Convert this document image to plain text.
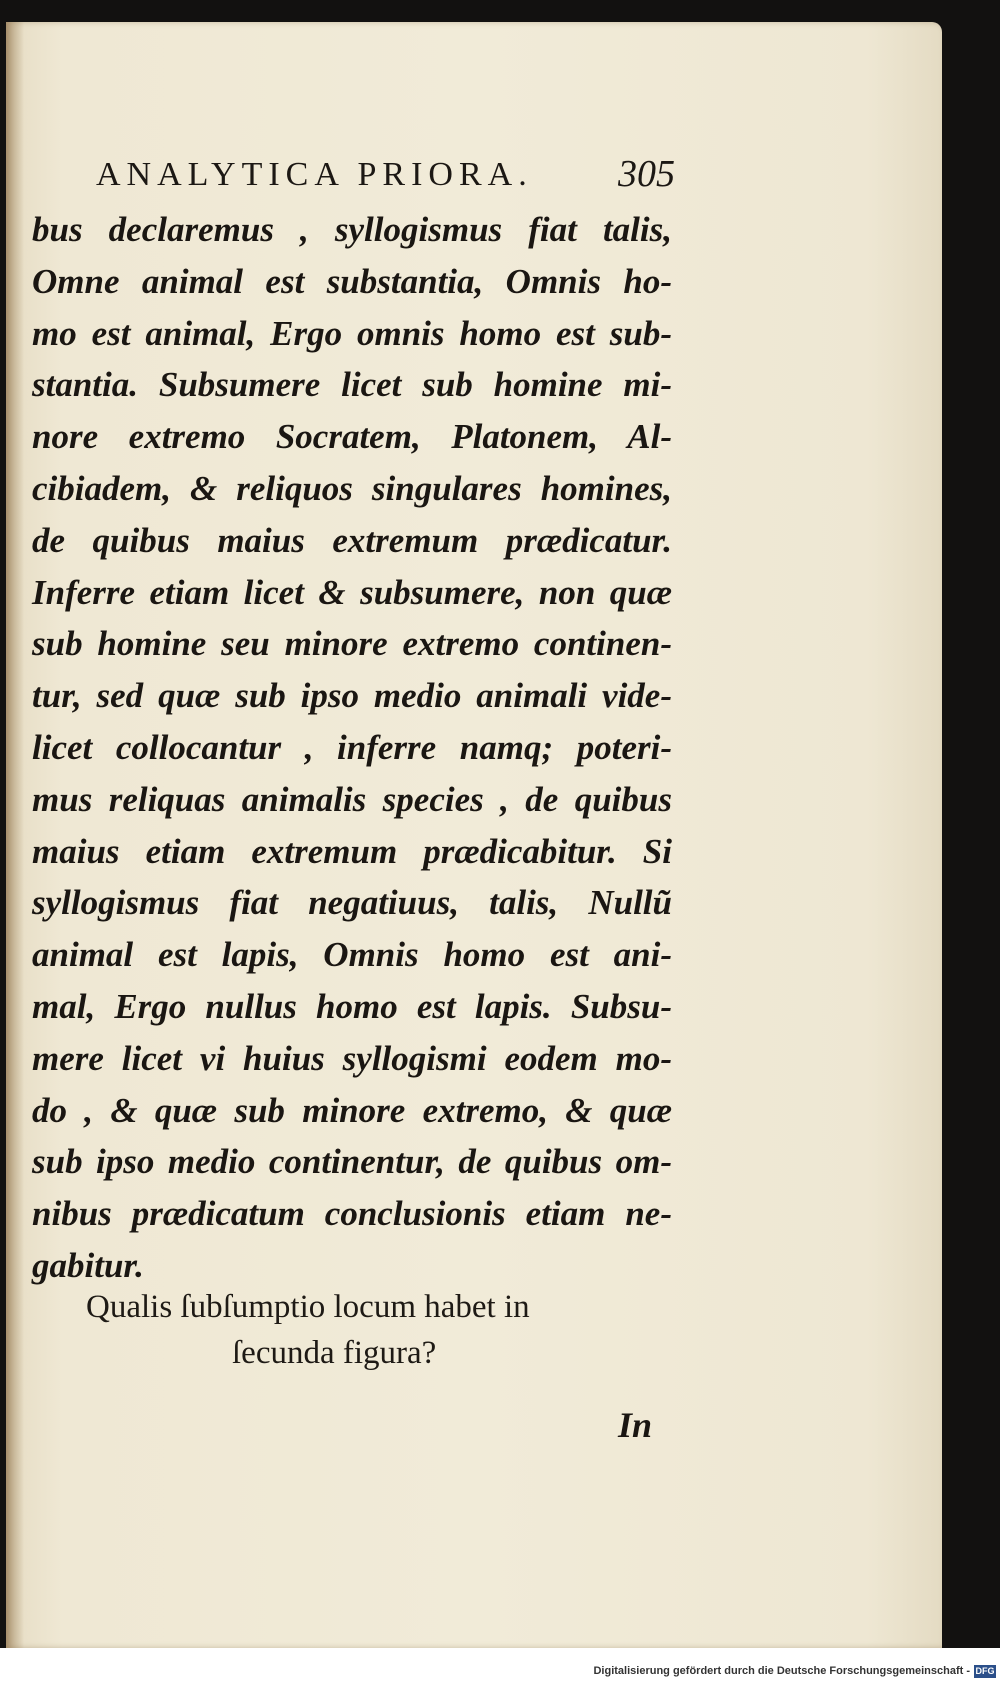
ANALYTICA PRIORA. 305
bus declaremus , syllogismus fiat talis,
Omne animal est substantia, Omnis ho-
mo est animal, Ergo omnis homo est sub-
stantia. Subsumere licet sub homine mi-
nore extremo Socratem, Platonem, Al-
cibiadem, & reliquos singulares homines,
de quibus maius extremum prædicatur.
Inferre etiam licet & subsumere, non quæ
sub homine seu minore extremo continen-
tur, sed quæ sub ipso medio animali vide-
licet collocantur , inferre namq; poteri-
mus reliquas animalis species , de quibus
maius etiam extremum prædicabitur. Si
syllogismus fiat negatiuus, talis, Nullũ
animal est lapis, Omnis homo est ani-
mal, Ergo nullus homo est lapis. Subsu-
mere licet vi huius syllogismi eodem mo-
do , & quæ sub minore extremo, & quæ
sub ipso medio continentur, de quibus om-
nibus prædicatum conclusionis etiam ne-
gabitur.
Qualis ſubſumptio locum habet in
ſecunda figura?
In
Digitalisierung gefördert durch die Deutsche Forschungsgemeinschaft - DFG
